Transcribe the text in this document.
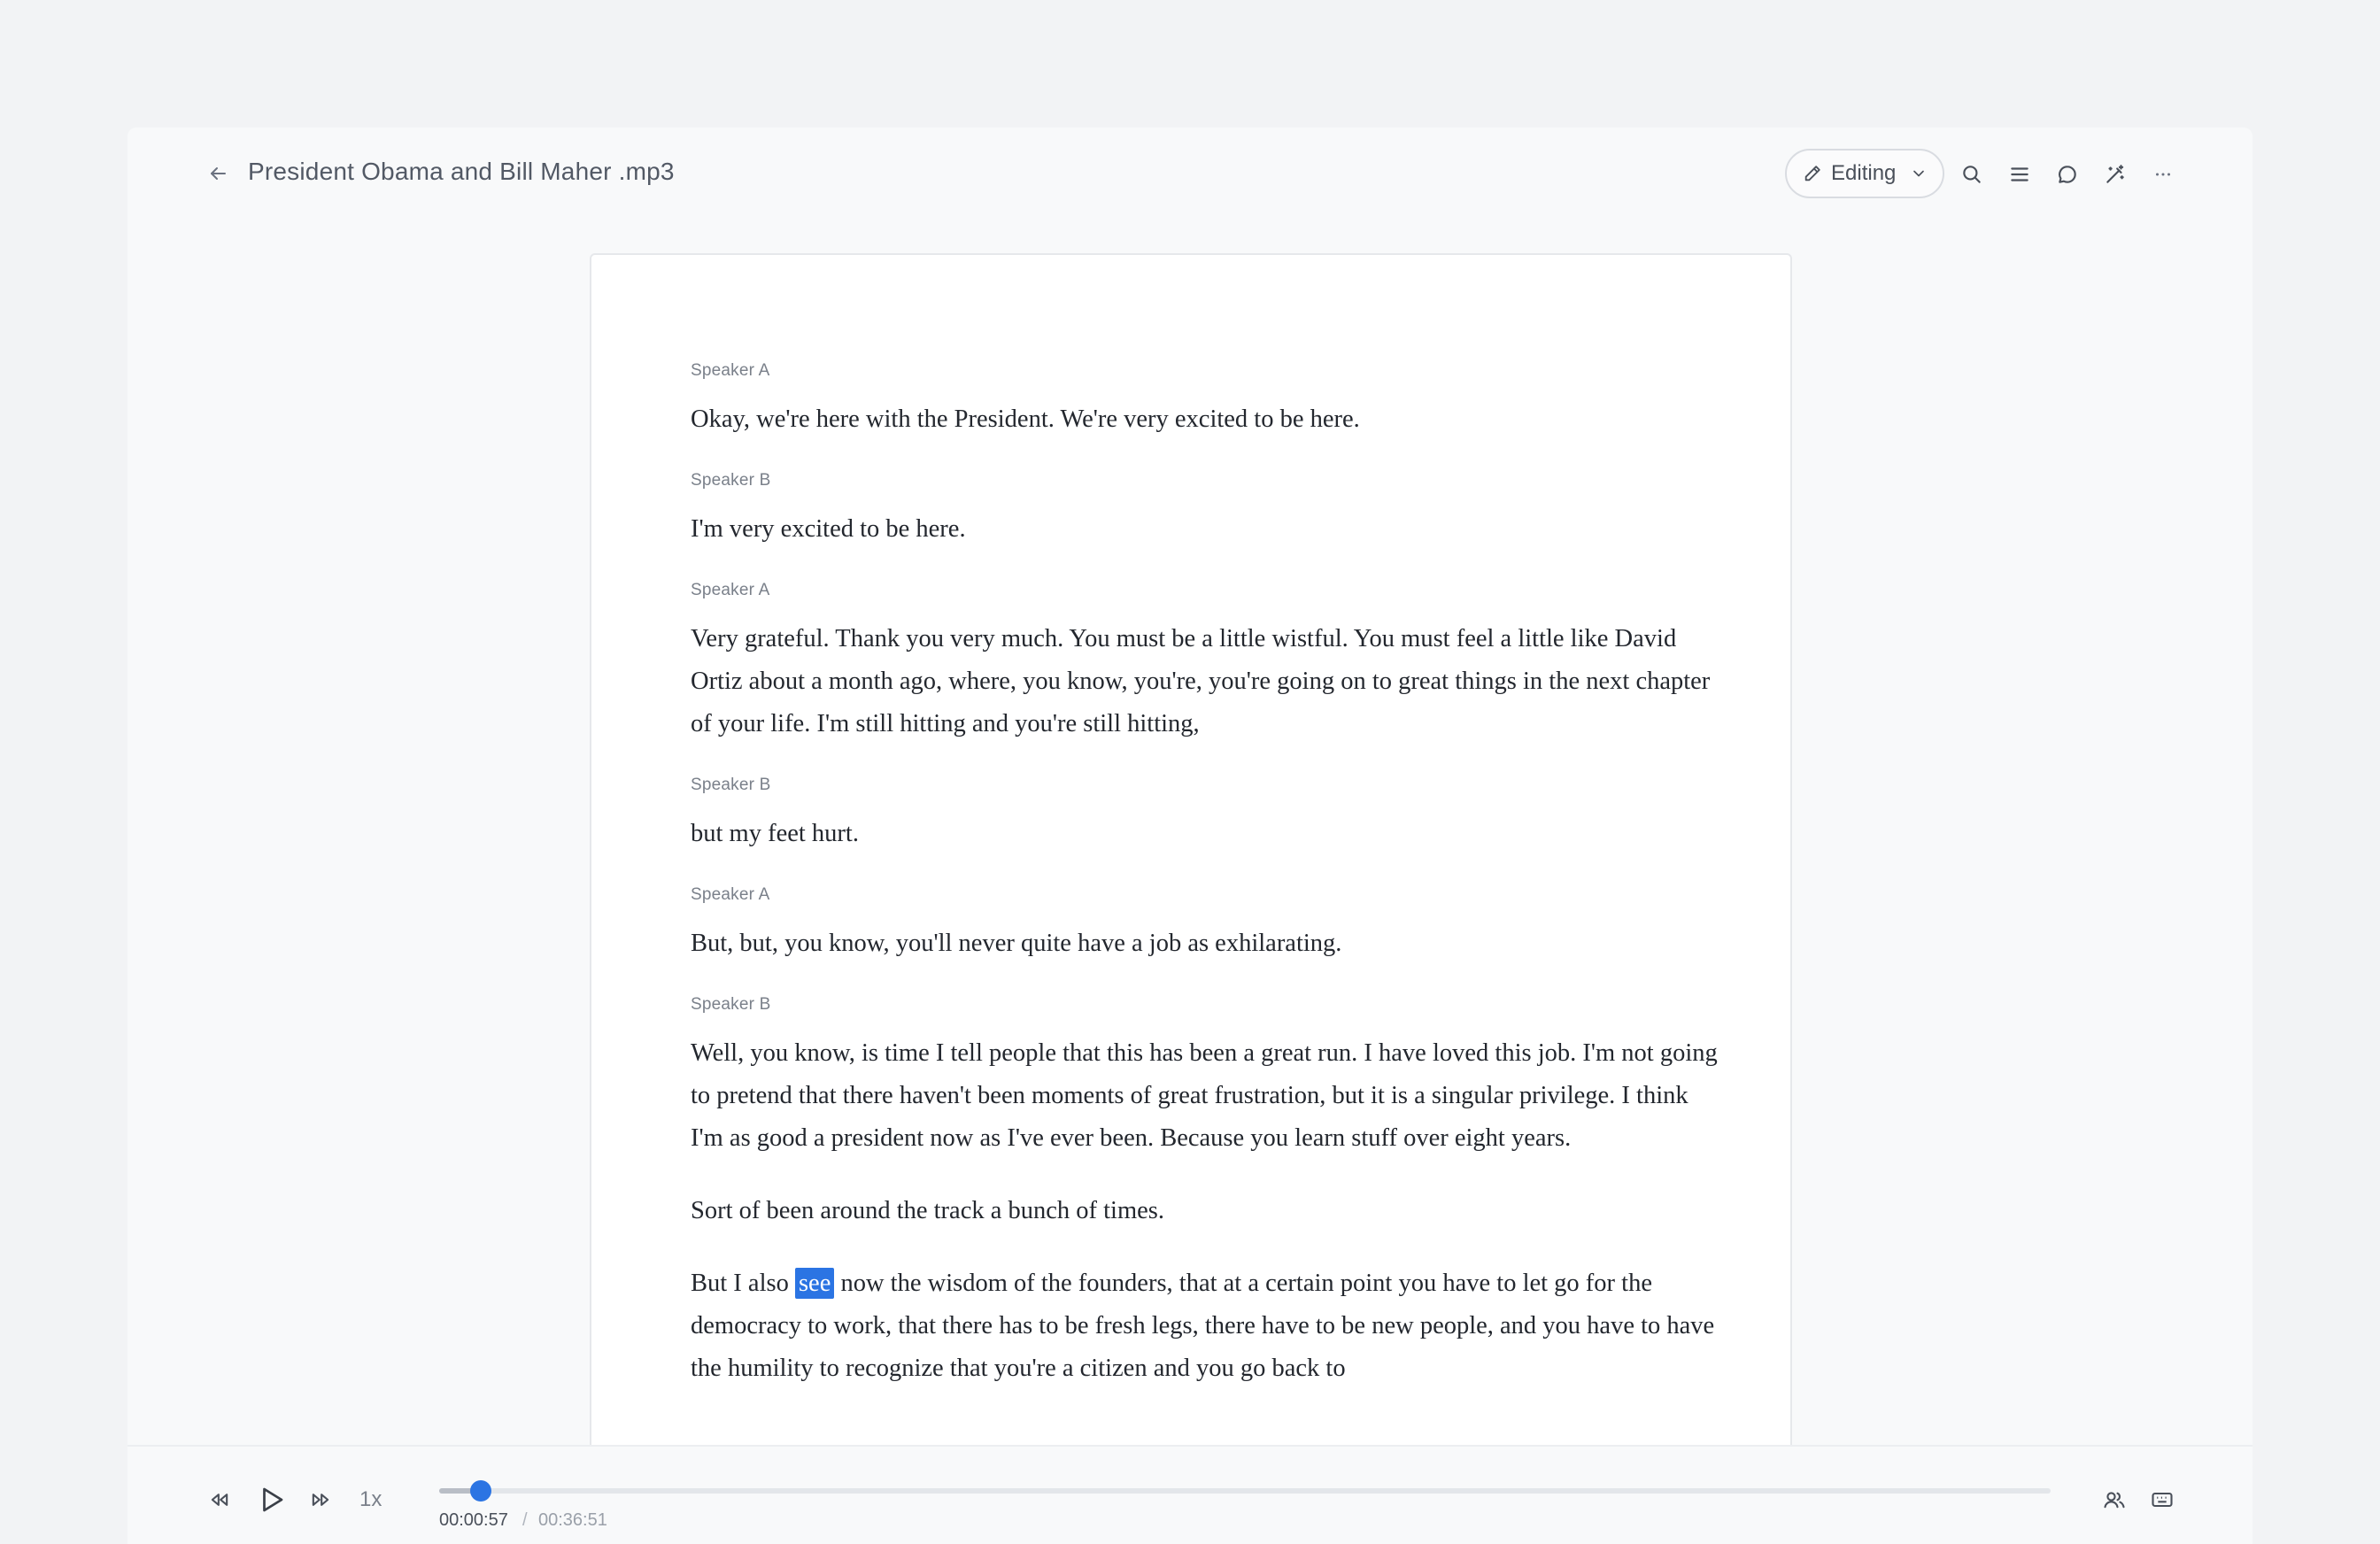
President Obama and Bill Maher .mp3	Editing
Speaker A
Okay, we're here with the President. We're very excited to be here.
Speaker B
I'm very excited to be here.
Speaker A
Very grateful. Thank you very much. You must be a little wistful. You must feel a little like David Ortiz about a month ago, where, you know, you're, you're going on to great things in the next chapter of your life. I'm still hitting and you're still hitting,
Speaker B
but my feet hurt.
Speaker A
But, but, you know, you'll never quite have a job as exhilarating.
Speaker B
Well, you know, is time I tell people that this has been a great run. I have loved this job. I'm not going to pretend that there haven't been moments of great frustration, but it is a singular privilege. I think I'm as good a president now as I've ever been. Because you learn stuff over eight years.
Sort of been around the track a bunch of times.
But I also see now the wisdom of the founders, that at a certain point you have to let go for the democracy to work, that there has to be fresh legs, there have to be new people, and you have to have the humility to recognize that you're a citizen and you go back to
1x
00:00:57 / 00:36:51
